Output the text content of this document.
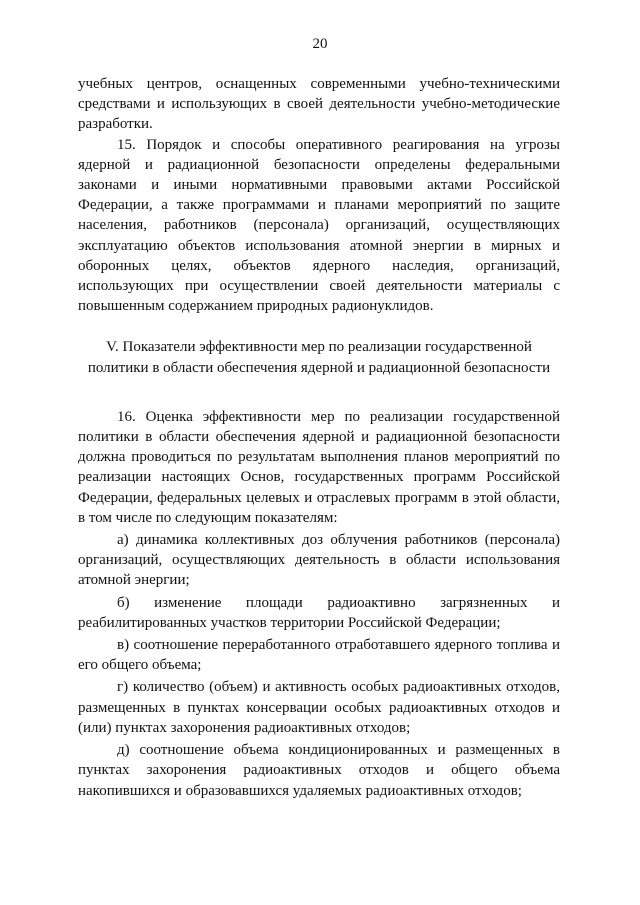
20

учебных центров, оснащенных современными учебно-техническими средствами и использующих в своей деятельности учебно-методические разработки.

15. Порядок и способы оперативного реагирования на угрозы ядерной и радиационной безопасности определены федеральными законами и иными нормативными правовыми актами Российской Федерации, а также программами и планами мероприятий по защите населения, работников (персонала) организаций, осуществляющих эксплуатацию объектов использования атомной энергии в мирных и оборонных целях, объектов ядерного наследия, организаций, использующих при осуществлении своей деятельности материалы с повышенным содержанием природных радионуклидов.

V. Показатели эффективности мер по реализации государственной политики в области обеспечения ядерной и радиационной безопасности

16. Оценка эффективности мер по реализации государственной политики в области обеспечения ядерной и радиационной безопасности должна проводиться по результатам выполнения планов мероприятий по реализации настоящих Основ, государственных программ Российской Федерации, федеральных целевых и отраслевых программ в этой области, в том числе по следующим показателям:

а) динамика коллективных доз облучения работников (персонала) организаций, осуществляющих деятельность в области использования атомной энергии;

б) изменение площади радиоактивно загрязненных и реабилитированных участков территории Российской Федерации;

в) соотношение переработанного отработавшего ядерного топлива и его общего объема;

г) количество (объем) и активность особых радиоактивных отходов, размещенных в пунктах консервации особых радиоактивных отходов и (или) пунктах захоронения радиоактивных отходов;

д) соотношение объема кондиционированных и размещенных в пунктах захоронения радиоактивных отходов и общего объема накопившихся и образовавшихся удаляемых радиоактивных отходов;
